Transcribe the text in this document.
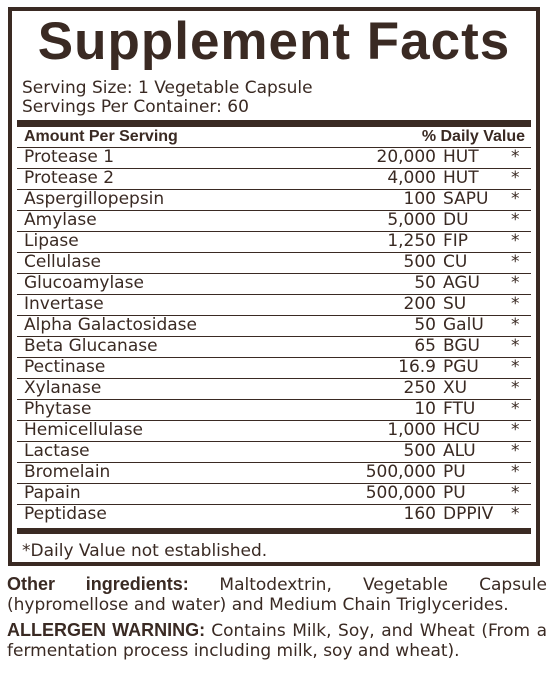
Supplement Facts
Serving Size: 1 Vegetable Capsule
Servings Per Container: 60
Amount Per Serving	% Daily Value
Protease 1	20,000 HUT *
Protease 2	4,000 HUT *
Aspergillopepsin	100 SAPU *
Amylase	5,000 DU *
Lipase	1,250 FIP	*
Cellulase	500 CU	*
Glucoamylase	50 AGU *
Invertase	200 SU	*
Alpha Galactosidase	50 GalU *
Beta Glucanase	65 BGU *
Pectinase	16.9 PGU *
Xylanase	250 XU	*
Phytase	10 FTU *
Hemicellulase	1,000 HCU *
Lactase	500 ALU *
Bromelain	500,000 PU	*
Papain	500,000 PU	*
Peptidase	160 DPPIV *
*Daily Value not established.
Other ingredients: Maltodextrin, Vegetable Capsule (hypromellose and water) and Medium Chain Triglycerides.
ALLERGEN WARNING: Contains Milk, Soy, and Wheat (From a fermentation process including milk, soy and wheat).
